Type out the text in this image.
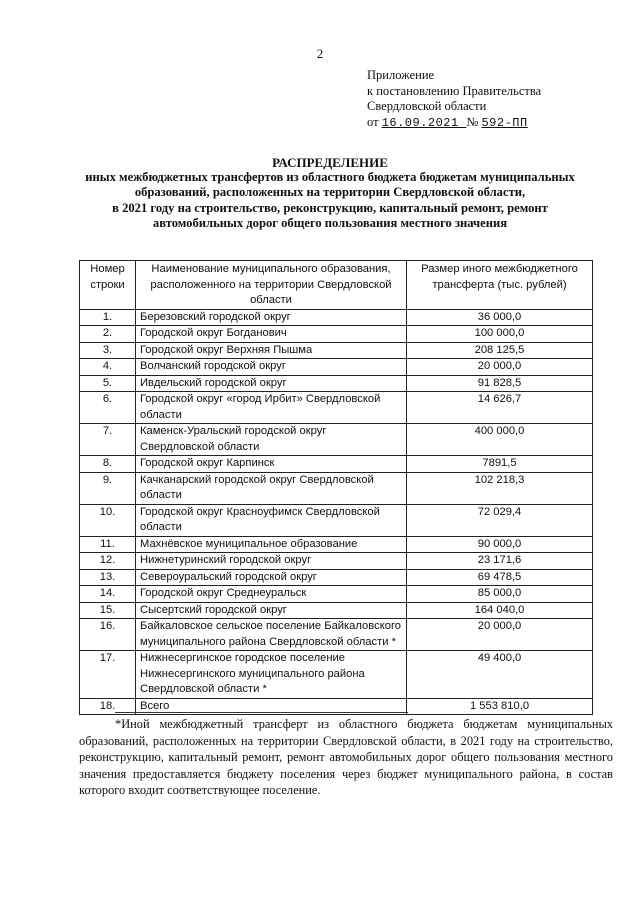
2
Приложение
к постановлению Правительства
Свердловской области
от 16.09.2021 № 592-ПП
РАСПРЕДЕЛЕНИЕ
иных межбюджетных трансфертов из областного бюджета бюджетам муниципальных
образований, расположенных на территории Свердловской области,
в 2021 году на строительство, реконструкцию, капитальный ремонт, ремонт
автомобильных дорог общего пользования местного значения
Номер строки	Наименование муниципального образования, расположенного на территории Свердловской области	Размер иного межбюджетного трансферта (тыс. рублей)
1.	Березовский городской округ	36 000,0
2.	Городской округ Богданович	100 000,0
3.	Городской округ Верхняя Пышма	208 125,5
4.	Волчанский городской округ	20 000,0
5.	Ивдельский городской округ	91 828,5
6.	Городской округ «город Ирбит» Свердловской области	14 626,7
7.	Каменск-Уральский городской округ Свердловской области	400 000,0
8.	Городской округ Карпинск	7891,5
9.	Качканарский городской округ Свердловской области	102 218,3
10.	Городской округ Красноуфимск Свердловской области	72 029,4
11.	Махнёвское муниципальное образование	90 000,0
12.	Нижнетуринский городской округ	23 171,6
13.	Североуральский городской округ	69 478,5
14.	Городской округ Среднеуральск	85 000,0
15.	Сысертский городской округ	164 040,0
16.	Байкаловское сельское поселение Байкаловского муниципального района Свердловской области *	20 000,0
17.	Нижнесергинское городское поселение Нижнесергинского муниципального района Свердловской области *	49 400,0
18.	Всего	1 553 810,0

*Иной межбюджетный трансферт из областного бюджета бюджетам муниципальных образований, расположенных на территории Свердловской области, в 2021 году на строительство, реконструкцию, капитальный ремонт, ремонт автомобильных дорог общего пользования местного значения предоставляется бюджету поселения через бюджет муниципального района, в состав которого входит соответствующее поселение.
